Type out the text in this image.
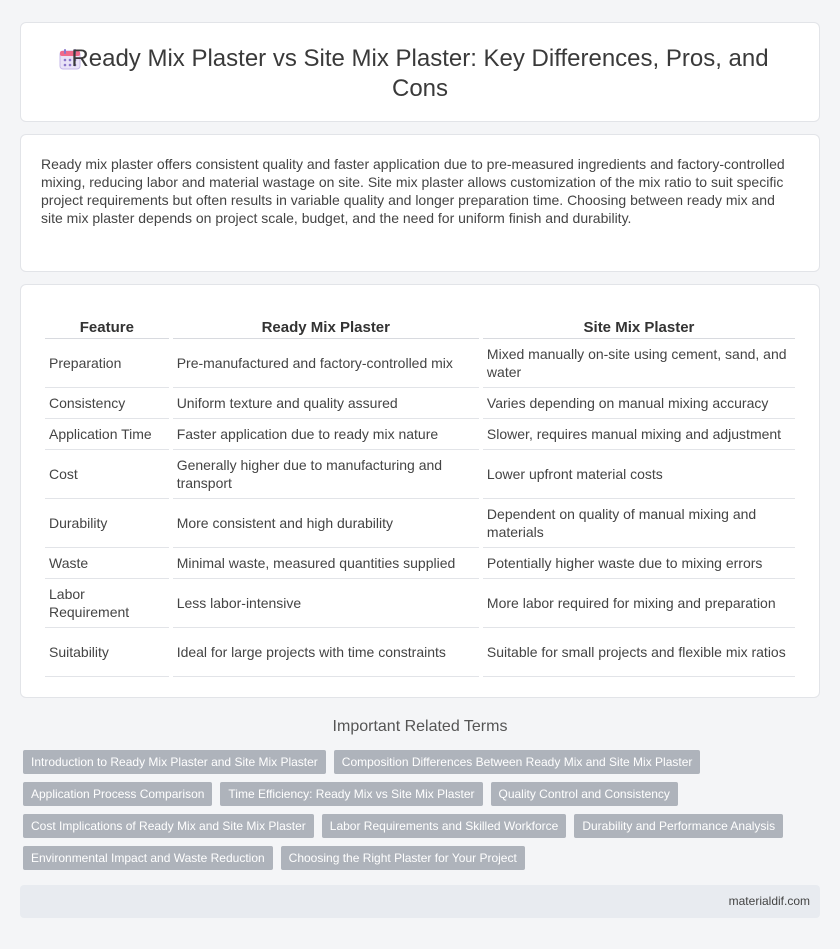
Ready Mix Plaster vs Site Mix Plaster: Key Differences, Pros, and
Cons

Ready mix plaster offers consistent quality and faster application due to pre-measured ingredients and factory-controlled mixing, reducing labor and material wastage on site. Site mix plaster allows customization of the mix ratio to suit specific project requirements but often results in variable quality and longer preparation time. Choosing between ready mix and site mix plaster depends on project scale, budget, and the need for uniform finish and durability.

Feature	Ready Mix Plaster	Site Mix Plaster
Preparation	Pre-manufactured and factory-controlled mix	Mixed manually on-site using cement, sand, and water
Consistency	Uniform texture and quality assured	Varies depending on manual mixing accuracy
Application Time	Faster application due to ready mix nature	Slower, requires manual mixing and adjustment
Cost	Generally higher due to manufacturing and transport	Lower upfront material costs
Durability	More consistent and high durability	Dependent on quality of manual mixing and materials
Waste	Minimal waste, measured quantities supplied	Potentially higher waste due to mixing errors
Labor Requirement	Less labor-intensive	More labor required for mixing and preparation
Suitability	Ideal for large projects with time constraints	Suitable for small projects and flexible mix ratios
Important Related Terms
Introduction to Ready Mix Plaster and Site Mix Plaster	Composition Differences Between Ready Mix and Site Mix Plaster
Application Process Comparison	Time Efficiency: Ready Mix vs Site Mix Plaster	Quality Control and Consistency
Cost Implications of Ready Mix and Site Mix Plaster	Labor Requirements and Skilled Workforce	Durability and Performance Analysis
Environmental Impact and Waste Reduction	Choosing the Right Plaster for Your Project
materialdif.com
